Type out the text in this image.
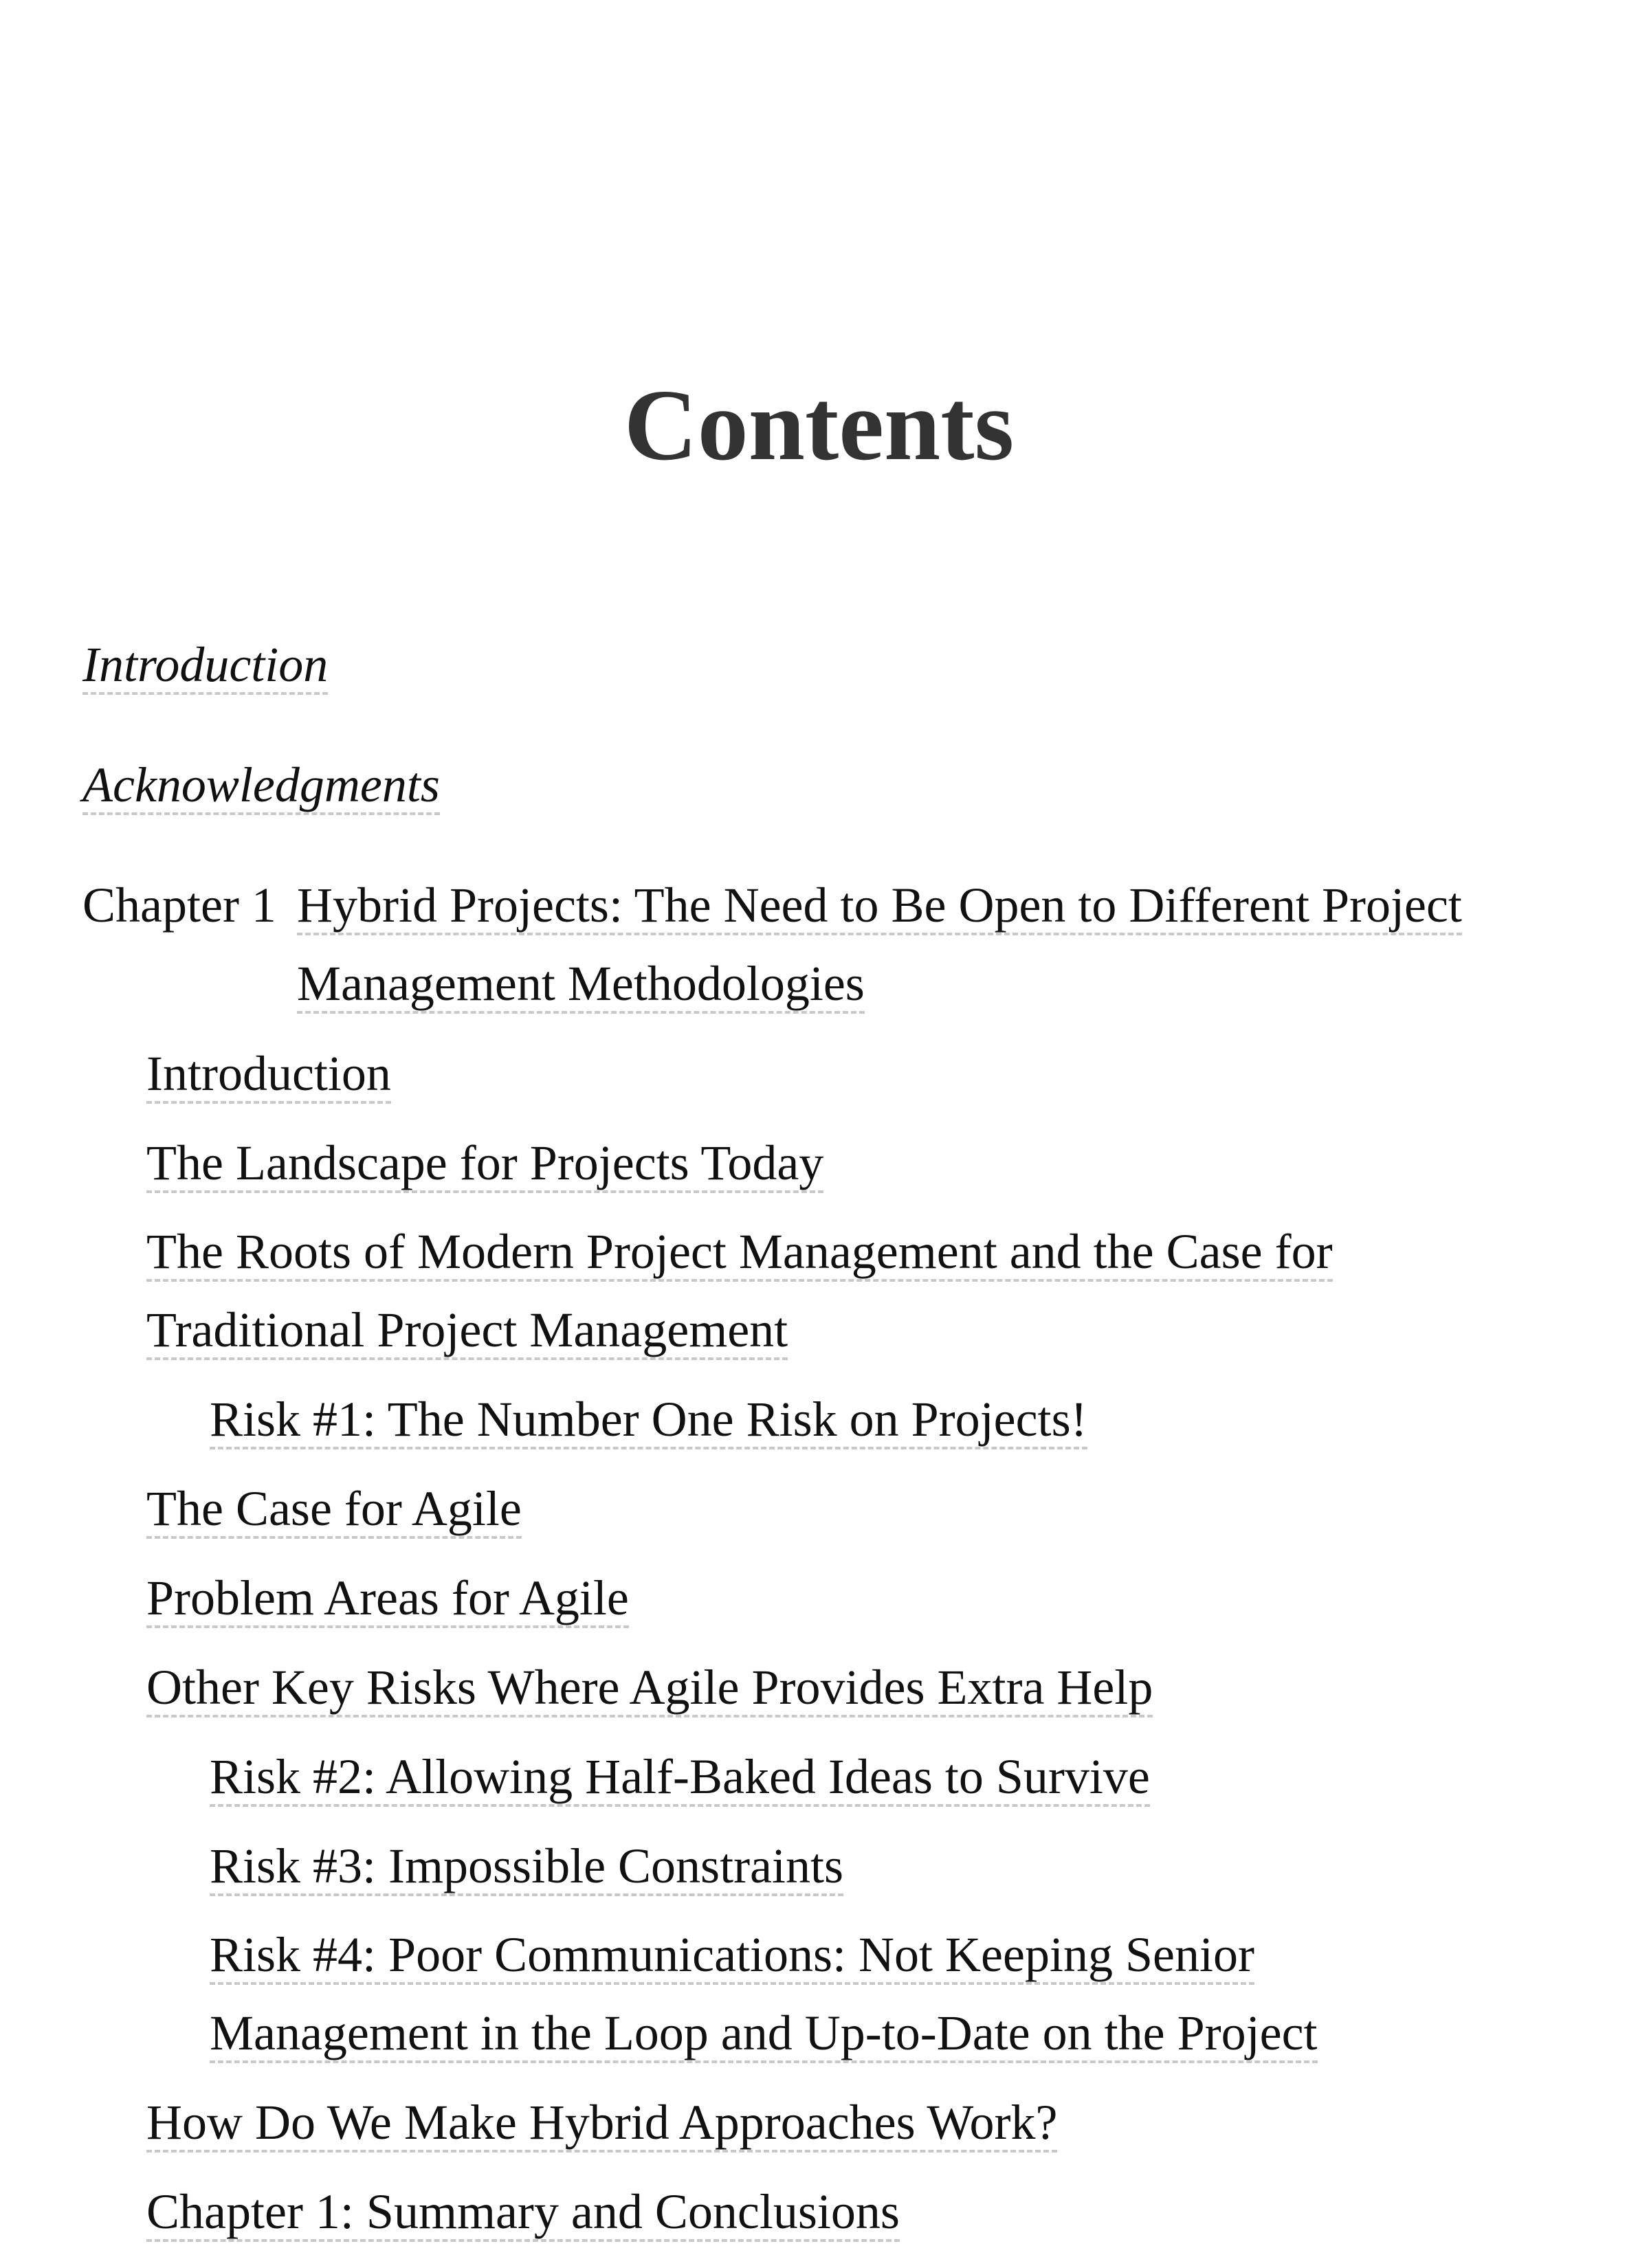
Contents
Introduction
Acknowledgments
Chapter 1 Hybrid Projects: The Need to Be Open to Different Project
Management Methodologies
Introduction
The Landscape for Projects Today
The Roots of Modern Project Management and the Case for
Traditional Project Management
Risk #1: The Number One Risk on Projects!
The Case for Agile
Problem Areas for Agile
Other Key Risks Where Agile Provides Extra Help
Risk #2: Allowing Half-Baked Ideas to Survive
Risk #3: Impossible Constraints
Risk #4: Poor Communications: Not Keeping Senior
Management in the Loop and Up-to-Date on the Project
How Do We Make Hybrid Approaches Work?
Chapter 1: Summary and Conclusions
